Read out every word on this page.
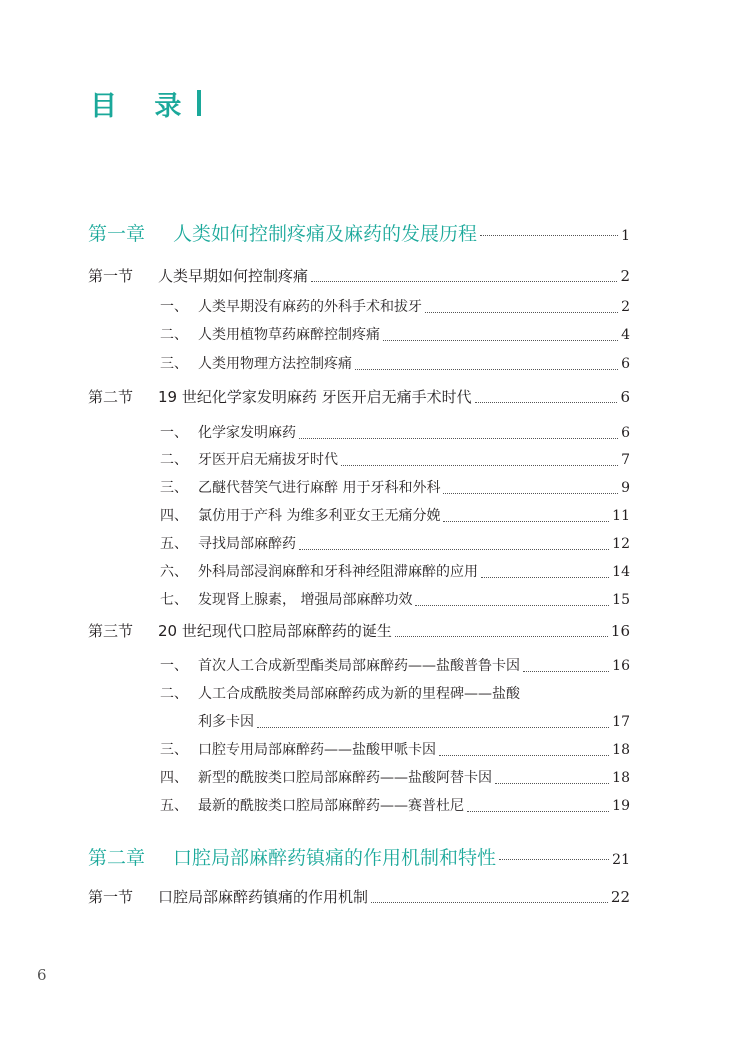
目 录
第一章	人类如何控制疼痛及麻药的发展历程	1
第一节	人类早期如何控制疼痛	2
一、 人类早期没有麻药的外科手术和拔牙	2
二、 人类用植物草药麻醉控制疼痛	4
三、 人类用物理方法控制疼痛	6
第二节	19 世纪化学家发明麻药 牙医开启无痛手术时代	6
一、 化学家发明麻药	6
二、 牙医开启无痛拔牙时代	7
三、 乙醚代替笑气进行麻醉 用于牙科和外科	9
四、 氯仿用于产科 为维多利亚女王无痛分娩	11
五、 寻找局部麻醉药	12
六、 外科局部浸润麻醉和牙科神经阻滞麻醉的应用	14
七、 发现肾上腺素， 增强局部麻醉功效	15
第三节	20 世纪现代口腔局部麻醉药的诞生	16
一、 首次人工合成新型酯类局部麻醉药——盐酸普鲁卡因	16
二、 人工合成酰胺类局部麻醉药成为新的里程碑——盐酸
利多卡因	17
三、 口腔专用局部麻醉药——盐酸甲哌卡因	18
四、 新型的酰胺类口腔局部麻醉药——盐酸阿替卡因	18
五、 最新的酰胺类口腔局部麻醉药——赛普杜尼	19
第二章	口腔局部麻醉药镇痛的作用机制和特性	21
第一节	口腔局部麻醉药镇痛的作用机制	22
6
